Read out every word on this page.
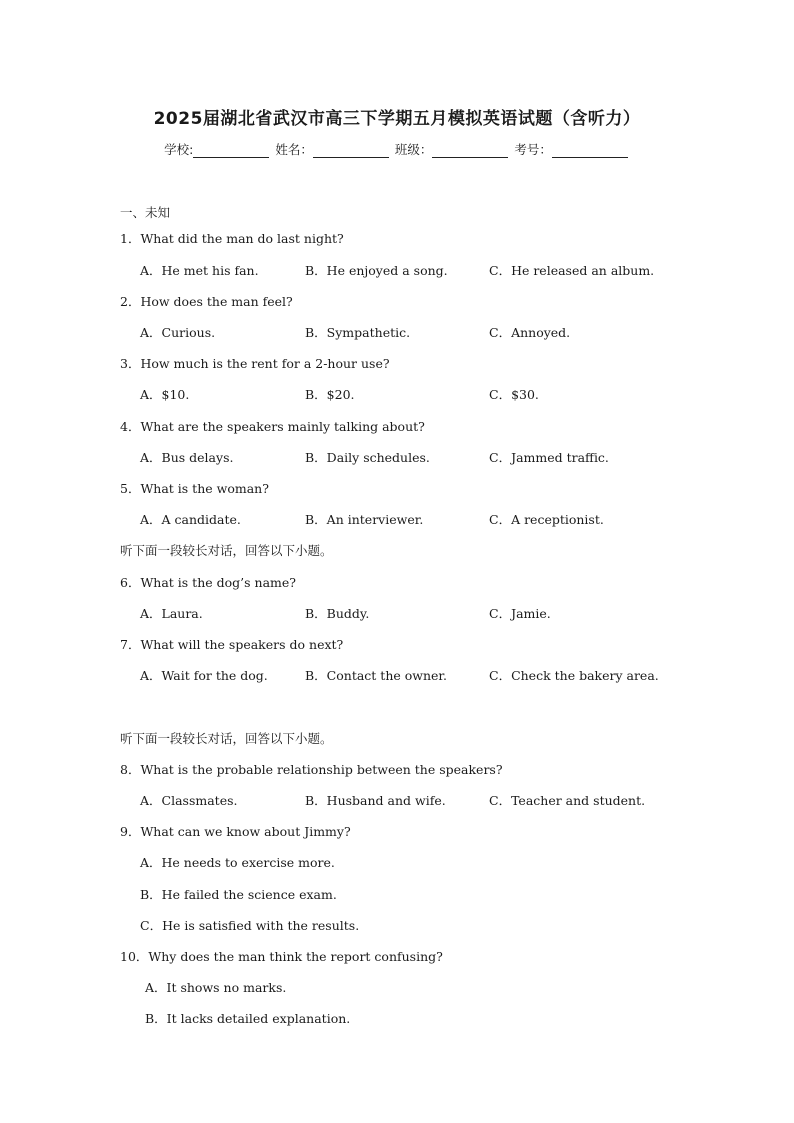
2025届湖北省武汉市高三下学期五月模拟英语试题（含听力）
学校:	姓名：	班级：	考号：
一、未知
1．What did the man do last night?
A．He met his fan.	B．He enjoyed a song.	C．He released an album.
2．How does the man feel?
A．Curious.	B．Sympathetic.	C．Annoyed.
3．How much is the rent for a 2-hour use?
A．$10.	B．$20.	C．$30.
4．What are the speakers mainly talking about?
A．Bus delays.	B．Daily schedules.	C．Jammed traffic.
5．What is the woman?
A．A candidate.	B．An interviewer.	C．A receptionist.
听下面一段较长对话，回答以下小题。
6．What is the dog’s name?
A．Laura.	B．Buddy.	C．Jamie.
7．What will the speakers do next?
A．Wait for the dog.	B．Contact the owner.	C．Check the bakery area.
听下面一段较长对话，回答以下小题。
8．What is the probable relationship between the speakers?
A．Classmates.	B．Husband and wife.	C．Teacher and student.
9．What can we know about Jimmy?
A．He needs to exercise more.
B．He failed the science exam.
C．He is satisfied with the results.
10．Why does the man think the report confusing?
A．It shows no marks.
B．It lacks detailed explanation.
